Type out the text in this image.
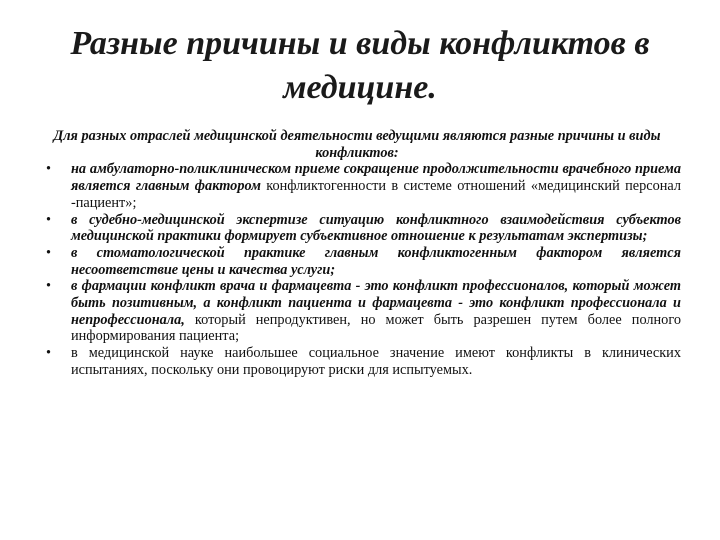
Разные причины и виды конфликтов в
медицине.

Для разных отраслей медицинской деятельности ведущими являются разные причины и виды конфликтов:

• на амбулаторно-поликлиническом приеме сокращение продолжительности врачебного приема является главным фактором конфликтогенности в системе отношений «медицинский персонал -пациент»;
• в судебно-медицинской экспертизе ситуацию конфликтного взаимодействия субъектов медицинской практики формирует субъективное отношение к результатам экспертизы;
• в стоматологической практике главным конфликтогенным фактором является несоответствие цены и качества услуги;
• в фармации конфликт врача и фармацевта - это конфликт профессионалов, который может быть позитивным, а конфликт пациента и фармацевта - это конфликт профессионала и непрофессионала, который непродуктивен, но может быть разрешен путем более полного информирования пациента;
• в медицинской науке наибольшее социальное значение имеют конфликты в клинических испытаниях, поскольку они провоцируют риски для испытуемых.
